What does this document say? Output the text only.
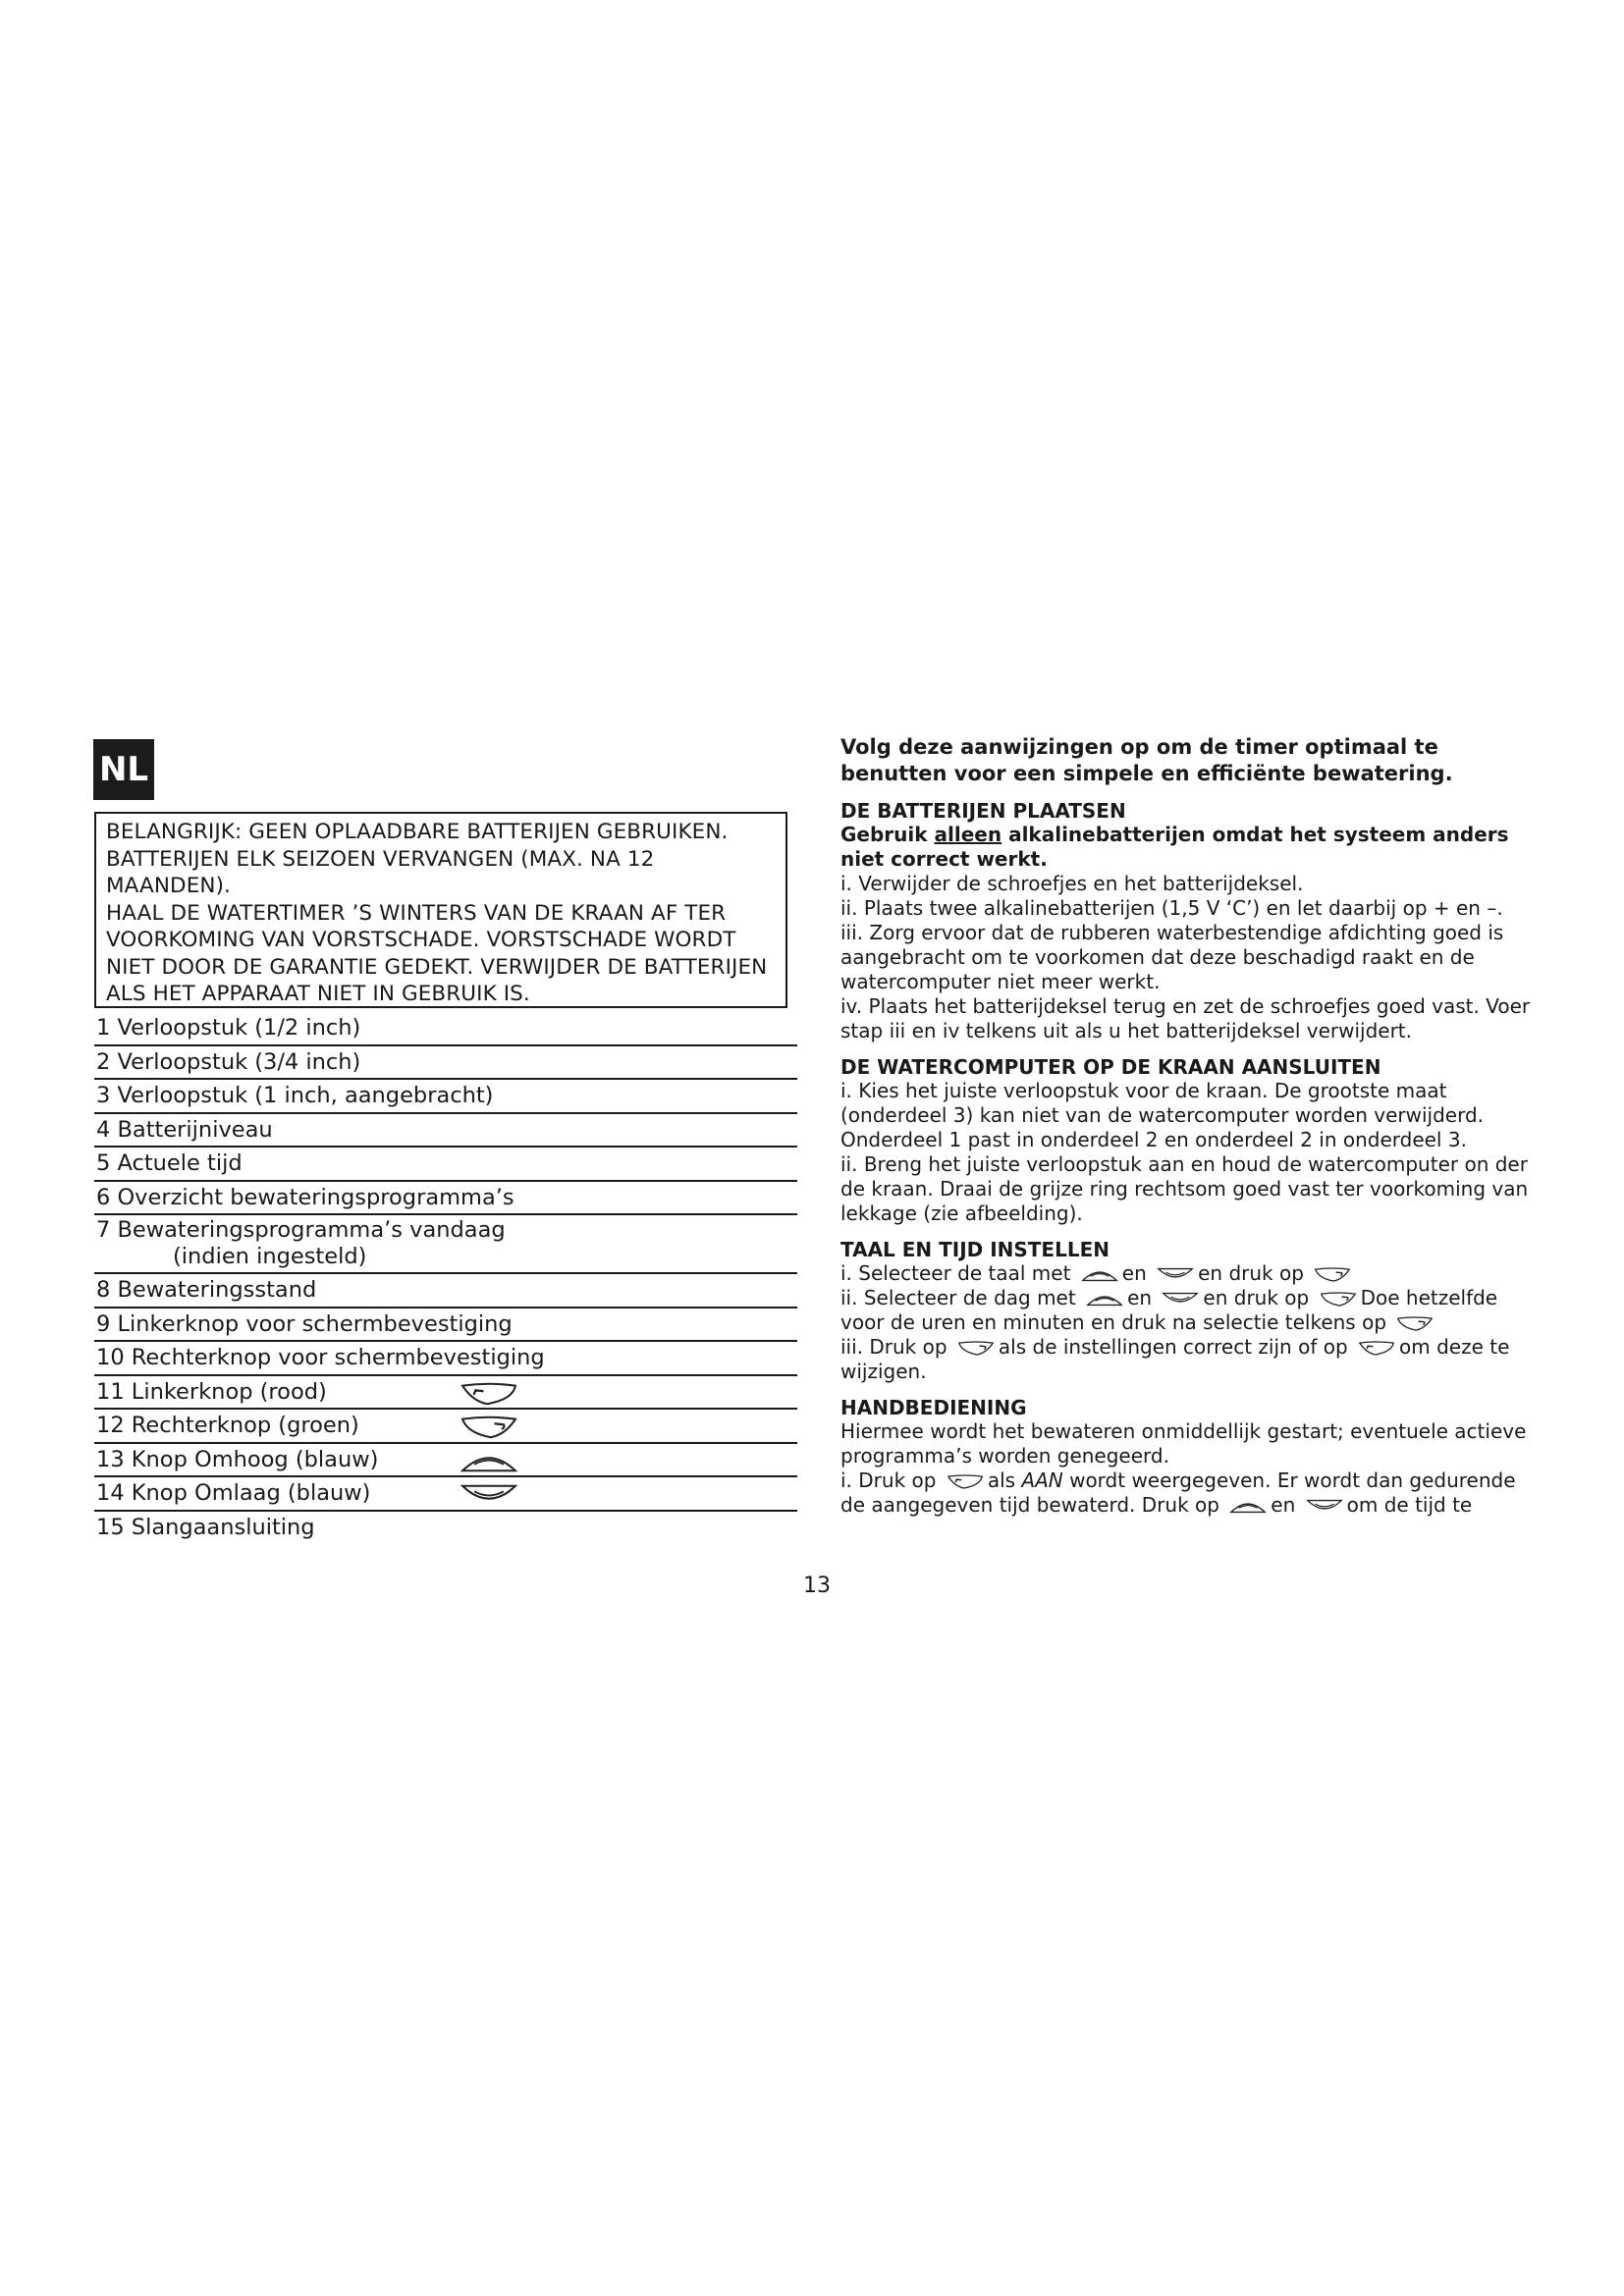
NL
BELANGRIJK: GEEN OPLAADBARE BATTERIJEN GEBRUIKEN.
BATTERIJEN ELK SEIZOEN VERVANGEN (MAX. NA 12
MAANDEN).
HAAL DE WATERTIMER ’S WINTERS VAN DE KRAAN AF TER
VOORKOMING VAN VORSTSCHADE. VORSTSCHADE WORDT
NIET DOOR DE GARANTIE GEDEKT. VERWIJDER DE BATTERIJEN
ALS HET APPARAAT NIET IN GEBRUIK IS.
1 Verloopstuk (1/2 inch)
2 Verloopstuk (3/4 inch)
3 Verloopstuk (1 inch, aangebracht)
4 Batterijniveau
5 Actuele tijd
6 Overzicht bewateringsprogramma’s
7 Bewateringsprogramma’s vandaag
(indien ingesteld)
8 Bewateringsstand
9 Linkerknop voor schermbevestiging
10 Rechterknop voor schermbevestiging
11 Linkerknop (rood)
12 Rechterknop (groen)
13 Knop Omhoog (blauw)
14 Knop Omlaag (blauw)
15 Slangaansluiting

Volg deze aanwijzingen op om de timer optimaal te benutten voor een simpele en efficiënte bewatering.

DE BATTERIJEN PLAATSEN

Gebruik alleen alkalinebatterijen omdat het systeem anders niet correct werkt.

i. Verwijder de schroefjes en het batterijdeksel.

ii. Plaats twee alkalinebatterijen (1,5 V ‘C’) en let daarbij op + en –.

iii. Zorg ervoor dat de rubberen waterbestendige afdichting goed is aangebracht om te voorkomen dat deze beschadigd raakt en de watercomputer niet meer werkt.

iv. Plaats het batterijdeksel terug en zet de schroefjes goed vast. Voer stap iii en iv telkens uit als u het batterijdeksel verwijdert.

DE WATERCOMPUTER OP DE KRAAN AANSLUITEN

i. Kies het juiste verloopstuk voor de kraan. De grootste maat (onderdeel 3) kan niet van de watercomputer worden verwijderd. Onderdeel 1 past in onderdeel 2 en onderdeel 2 in onderdeel 3.

ii. Breng het juiste verloopstuk aan en houd de watercomputer on der de kraan. Draai de grijze ring rechtsom goed vast ter voorkoming van lekkage (zie afbeelding).

TAAL EN TIJD INSTELLEN

i. Selecteer de taal met	en	en druk op

ii. Selecteer de dag met	en	en druk op	Doe hetzelfde voor de uren en minuten en druk na selectie telkens op

iii. Druk op	als de instellingen correct zijn of op	om deze te wijzigen.

HANDBEDIENING

Hiermee wordt het bewateren onmiddellijk gestart; eventuele actieve programma’s worden genegeerd.

i. Druk op	als AAN wordt weergegeven. Er wordt dan gedurende de aangegeven tijd bewaterd. Druk op	en	om de tijd te

13
